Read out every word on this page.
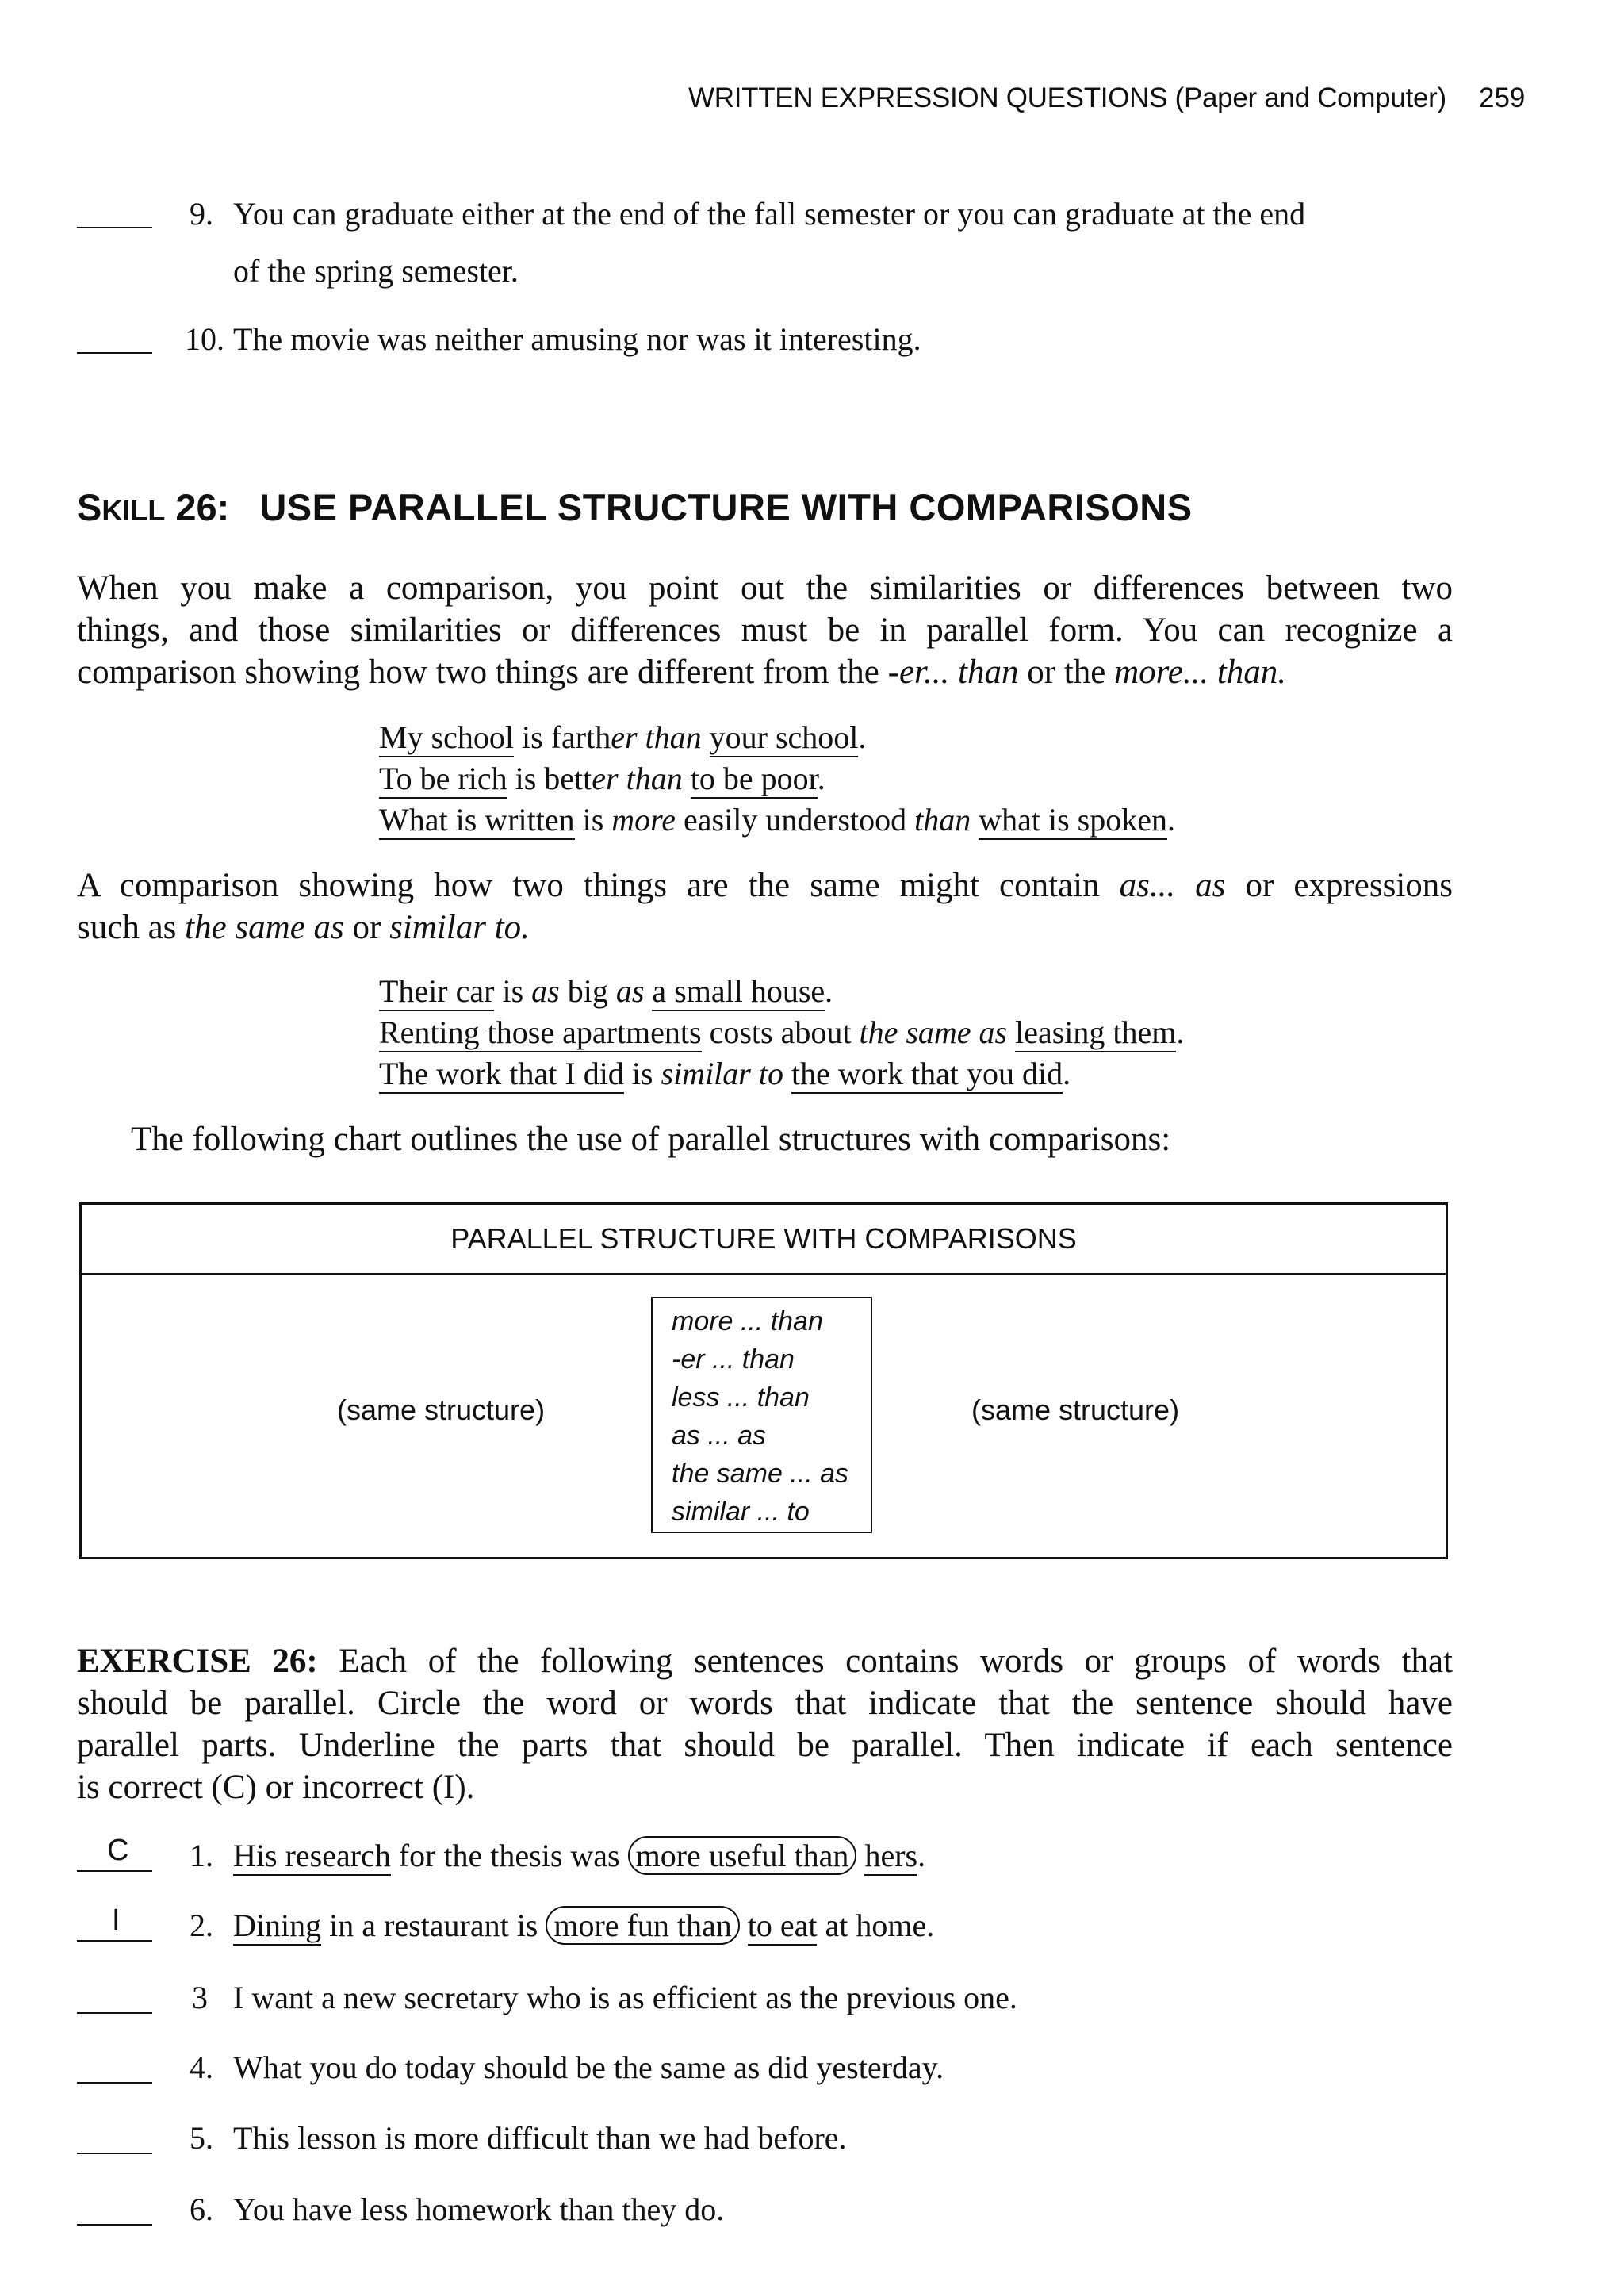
WRITTEN EXPRESSION QUESTIONS (Paper and Computer) 259
9. You can graduate either at the end of the fall semester or you can graduate at the end
of the spring semester.
10. The movie was neither amusing nor was it interesting.
SKILL 26: USE PARALLEL STRUCTURE WITH COMPARISONS
When you make a comparison, you point out the similarities or differences between two
things, and those similarities or differences must be in parallel form. You can recognize a
comparison showing how two things are different from the -er... than or the more... than.
My school is farther than your school.
To be rich is better than to be poor.
What is written is more easily understood than what is spoken.
A comparison showing how two things are the same might contain as... as or expressions
such as the same as or similar to.
Their car is as big as a small house.
Renting those apartments costs about the same as leasing them.
The work that I did is similar to the work that you did.
The following chart outlines the use of parallel structures with comparisons:
PARALLEL STRUCTURE WITH COMPARISONS
(same structure)
more ... than
-er ... than
less ... than
as ... as
the same ... as
similar ... to
(same structure)
EXERCISE 26: Each of the following sentences contains words or groups of words that
should be parallel. Circle the word or words that indicate that the sentence should have
parallel parts. Underline the parts that should be parallel. Then indicate if each sentence
is correct (C) or incorrect (I).
C	1. His research for the thesis was more useful than hers.
I	2. Dining in a restaurant is more fun than to eat at home.
3 I want a new secretary who is as efficient as the previous one.
4. What you do today should be the same as did yesterday.
5. This lesson is more difficult than we had before.
6. You have less homework than they do.
